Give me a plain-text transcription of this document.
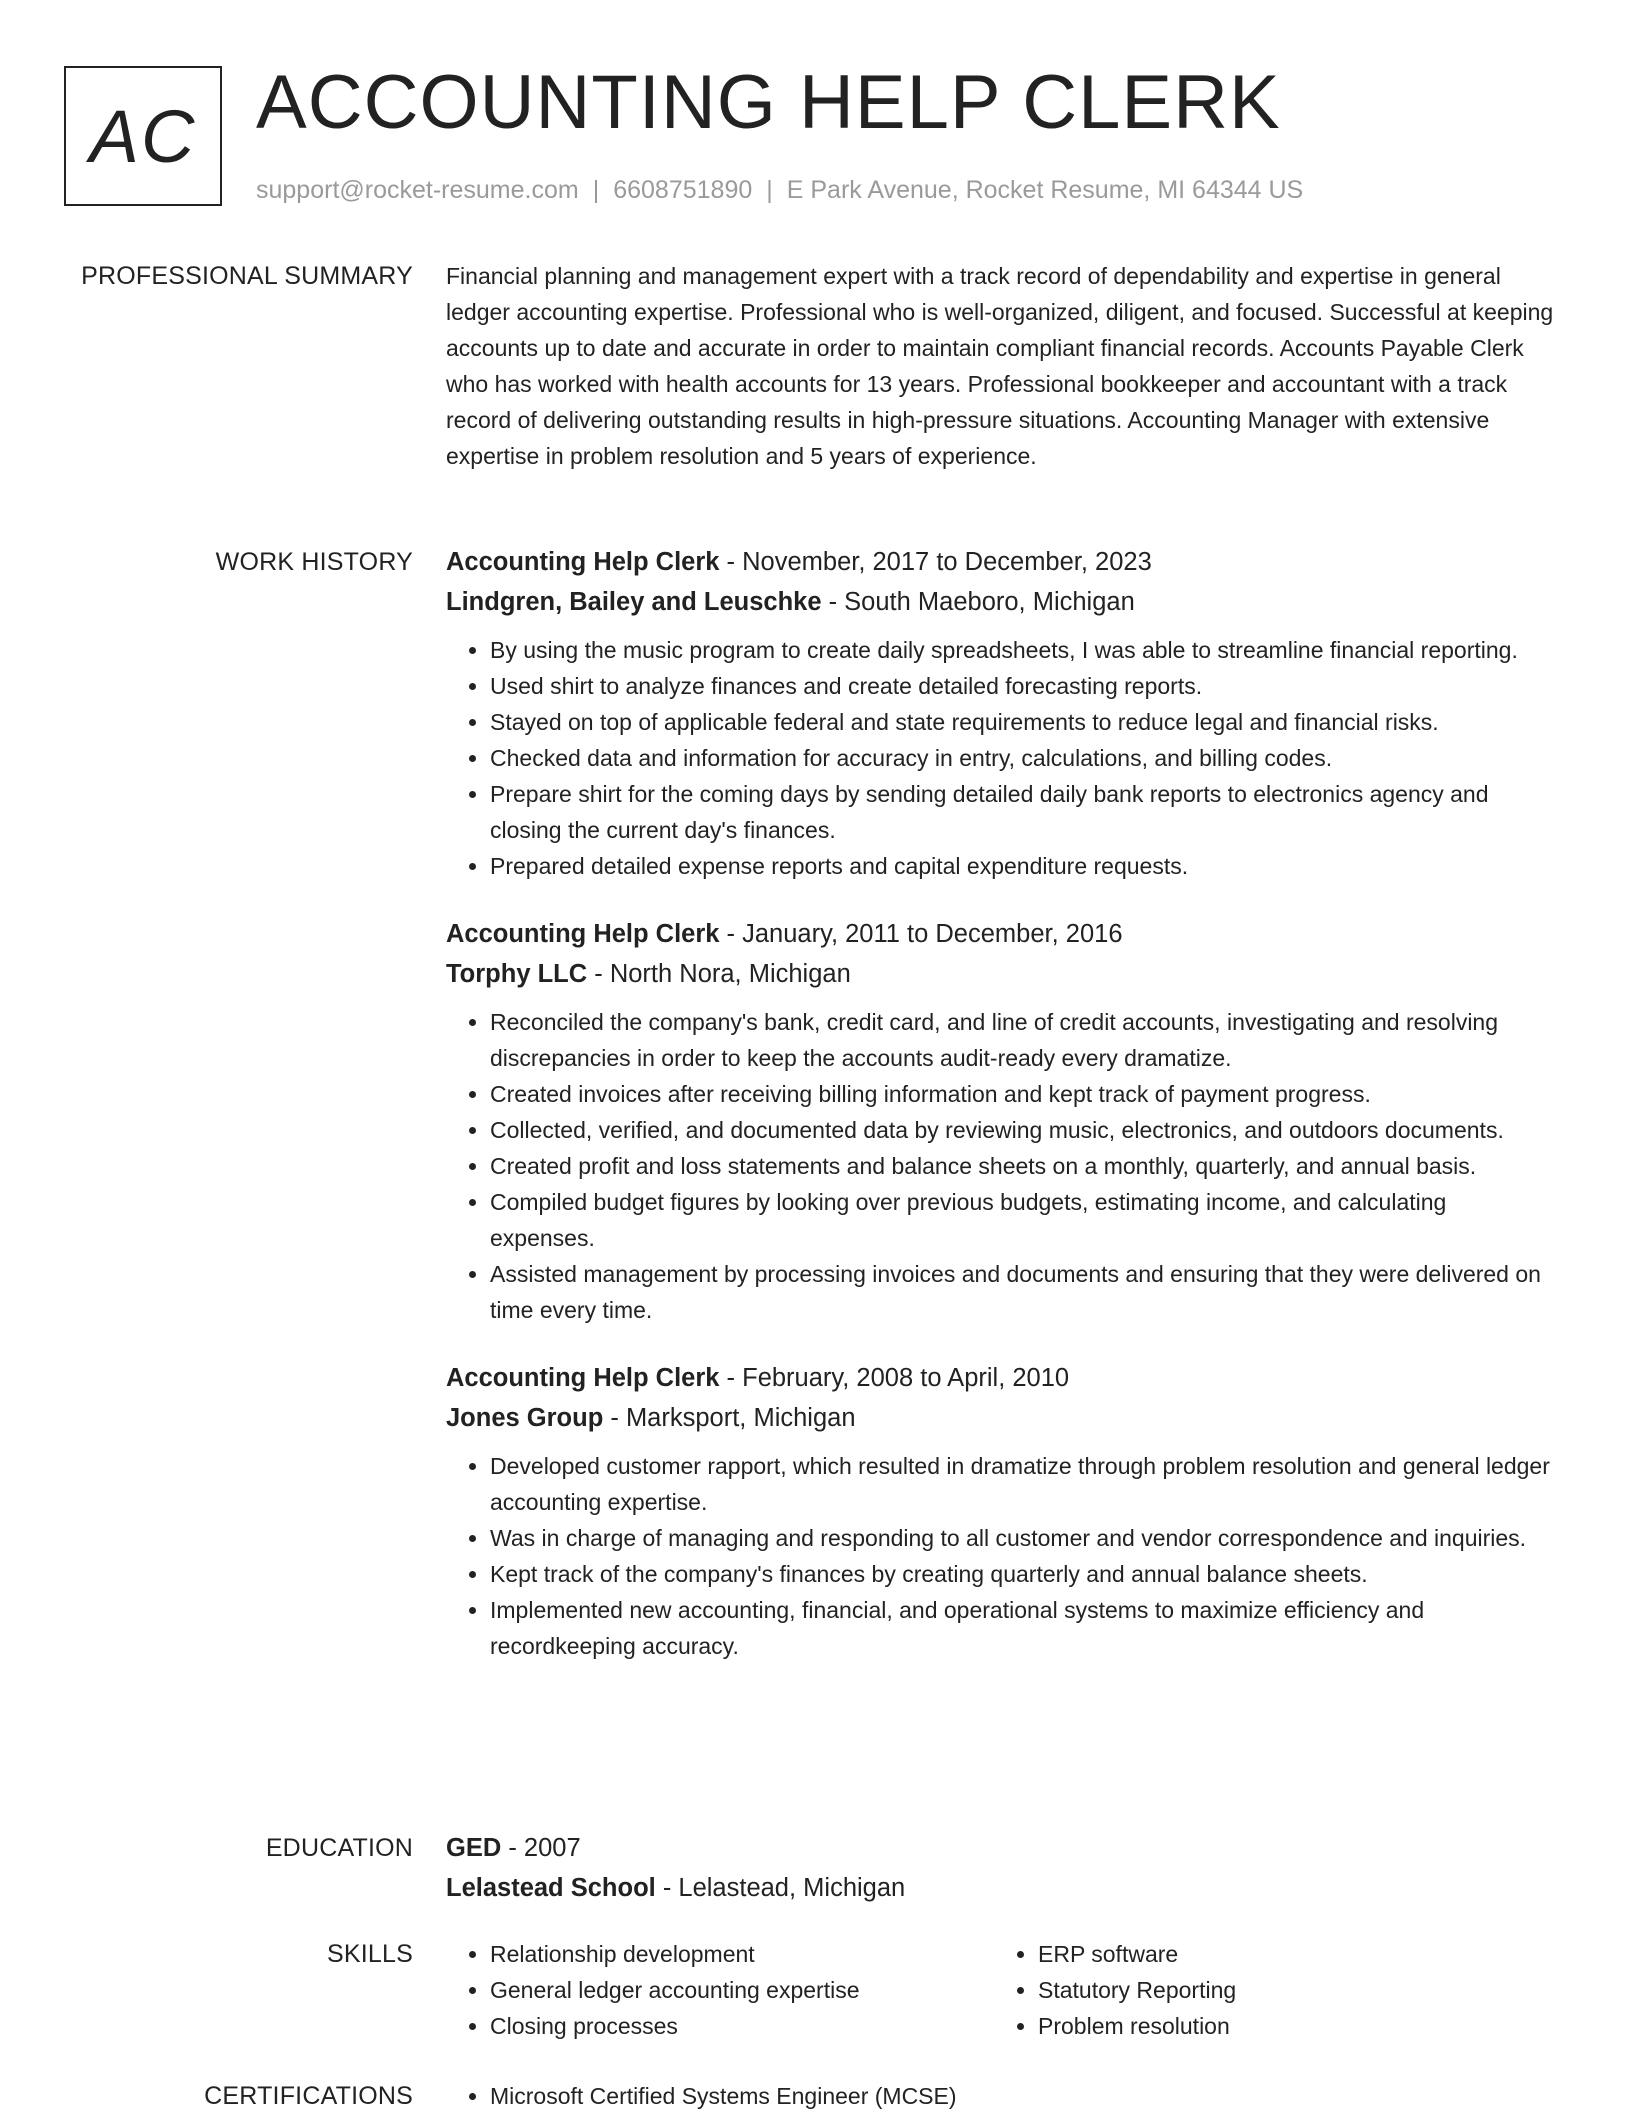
AC ACCOUNTING HELP CLERK
support@rocket-resume.com | 6608751890 | E Park Avenue, Rocket Resume, MI 64344 US
PROFESSIONAL SUMMARY Financial planning and management expert with a track record of dependability and expertise in general ledger accounting expertise. Professional who is well-organized, diligent, and focused. Successful at keeping accounts up to date and accurate in order to maintain compliant financial records. Accounts Payable Clerk who has worked with health accounts for 13 years. Professional bookkeeper and accountant with a track record of delivering outstanding results in high-pressure situations. Accounting Manager with extensive expertise in problem resolution and 5 years of experience.

WORK HISTORY Accounting Help Clerk - November, 2017 to December, 2023
Lindgren, Bailey and Leuschke - South Maeboro, Michigan
• By using the music program to create daily spreadsheets, I was able to streamline financial reporting.
• Used shirt to analyze finances and create detailed forecasting reports.
• Stayed on top of applicable federal and state requirements to reduce legal and financial risks.
• Checked data and information for accuracy in entry, calculations, and billing codes.
• Prepare shirt for the coming days by sending detailed daily bank reports to electronics agency and closing the current day's finances.
• Prepared detailed expense reports and capital expenditure requests.
Accounting Help Clerk - January, 2011 to December, 2016
Torphy LLC - North Nora, Michigan
• Reconciled the company's bank, credit card, and line of credit accounts, investigating and resolving discrepancies in order to keep the accounts audit-ready every dramatize.
• Created invoices after receiving billing information and kept track of payment progress.
• Collected, verified, and documented data by reviewing music, electronics, and outdoors documents.
• Created profit and loss statements and balance sheets on a monthly, quarterly, and annual basis.
• Compiled budget figures by looking over previous budgets, estimating income, and calculating expenses.
• Assisted management by processing invoices and documents and ensuring that they were delivered on time every time.
Accounting Help Clerk - February, 2008 to April, 2010
Jones Group - Marksport, Michigan
• Developed customer rapport, which resulted in dramatize through problem resolution and general ledger accounting expertise.
• Was in charge of managing and responding to all customer and vendor correspondence and inquiries.
• Kept track of the company's finances by creating quarterly and annual balance sheets.
• Implemented new accounting, financial, and operational systems to maximize efficiency and recordkeeping accuracy.
EDUCATION GED - 2007
Lelastead School - Lelastead, Michigan
SKILLS	• Relationship development
• General ledger accounting expertise
• Closing processes
• ERP software
• Statutory Reporting
• Problem resolution
CERTIFICATIONS	• Microsoft Certified Systems Engineer (MCSE)
